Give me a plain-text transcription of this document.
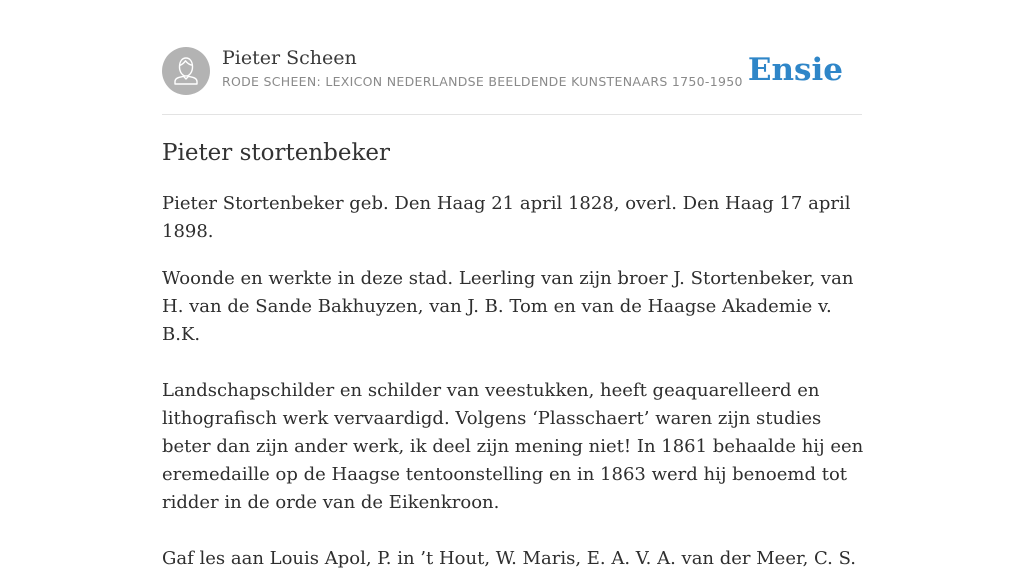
Pieter Scheen
RODE SCHEEN: LEXICON NEDERLANDSE BEELDENDE KUNSTENAARS 1750-1950 Ensie
Pieter stortenbeker

Pieter Stortenbeker geb. Den Haag 21 april 1828, overl. Den Haag 17 april 1898.

Woonde en werkte in deze stad. Leerling van zijn broer J. Stortenbeker, van H. van de Sande Bakhuyzen, van J. B. Tom en van de Haagse Akademie v. B.K.

Landschapschilder en schilder van veestukken, heeft geaquarelleerd en lithografisch werk vervaardigd. Volgens ‘Plasschaert’ waren zijn studies beter dan zijn ander werk, ik deel zijn mening niet! In 1861 behaalde hij een eremedaille op de Haagse tentoonstelling en in 1863 werd hij benoemd tot ridder in de orde van de Eikenkroon.

Gaf les aan Louis Apol, P. in ’t Hout, W. Maris, E. A. V. A. van der Meer, C. S.
